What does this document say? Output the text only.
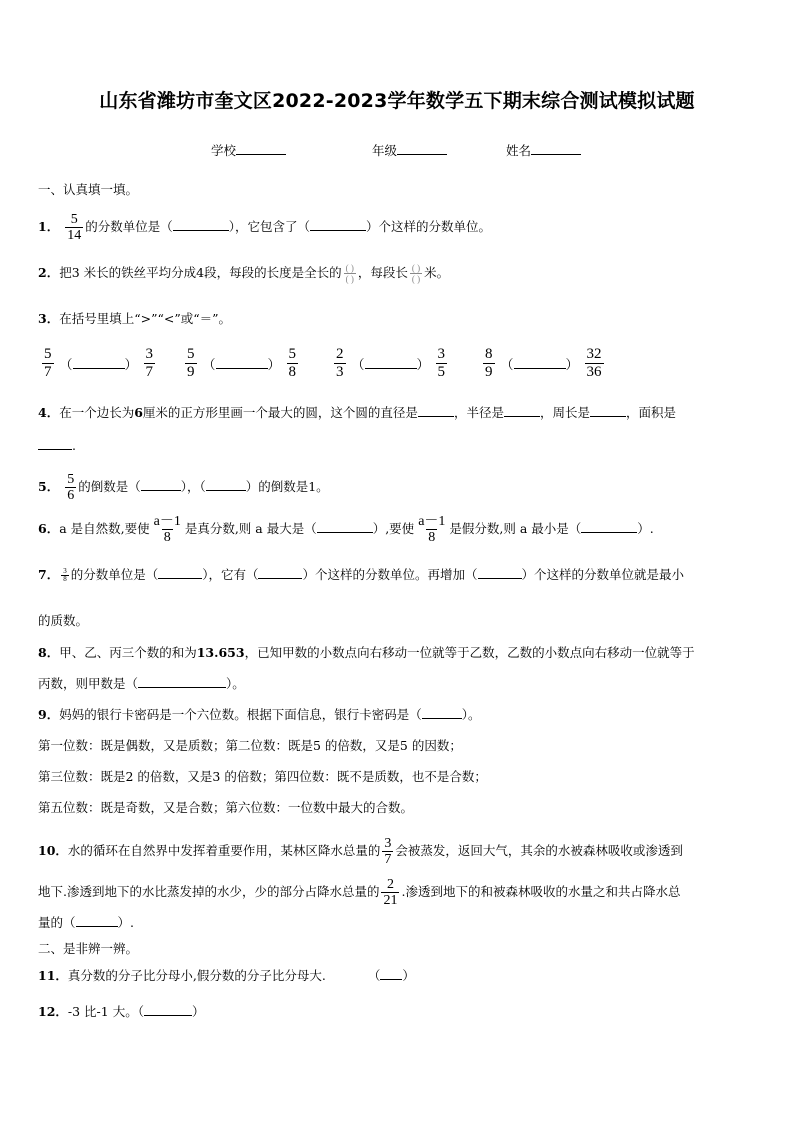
山东省潍坊市奎文区2022-2023学年数学五下期末综合测试模拟试题
学校	年级	姓名
一、认真填一填。
1． $\frac{5}{14}$ 的分数单位是（	），它包含了（	）个这样的分数单位。
2．把3 米长的铁丝平均分成4段，每段的长度是全长的 ( )
( ) ，每段长 ( )
( ) 米。
3．在括号里填上“>”“<”或“＝”。
5
7 （	）
3
7
5
9 （	）
5
8
2
3 （	）
3
5
8
9 （	）
32
36
4．在一个边长为6厘米的正方形里画一个最大的圆，这个圆的直径是	，半径是	，周长是	，面积是
.
5． $\frac{5}{6}$ 的倒数是（	），（	）的倒数是1。
6．a 是自然数,要使 $\frac{a-1}{8}$ 是真分数,则 a 最大是（	）,要使 $\frac{a-1}{8}$ 是假分数,则 a 最小是（	）.
7． $\frac{3}{8}$ 的分数单位是（	），它有（	）个这样的分数单位。再增加（	）个这样的分数单位就是最小
的质数。
8．甲、乙、丙三个数的和为13.653，已知甲数的小数点向右移动一位就等于乙数，乙数的小数点向右移动一位就等于
丙数，则甲数是（	）。
9．妈妈的银行卡密码是一个六位数。根据下面信息，银行卡密码是（	）。
第一位数：既是偶数，又是质数；第二位数：既是5 的倍数，又是5 的因数；
第三位数：既是2 的倍数，又是3 的倍数；第四位数：既不是质数，也不是合数；
第五位数：既是奇数，又是合数；第六位数：一位数中最大的合数。
10．水的循环在自然界中发挥着重要作用，某林区降水总量的 $\frac{3}{7}$ 会被蒸发，返回大气，其余的水被森林吸收或渗透到
地下.渗透到地下的水比蒸发掉的水少，少的部分占降水总量的 $\frac{2}{21}$ .渗透到地下的和被森林吸收的水量之和共占降水总
量的（	）.
二、是非辨一辨。
11．真分数的分子比分母小,假分数的分子比分母大.	（ ）
12．-3 比-1 大。（	）
